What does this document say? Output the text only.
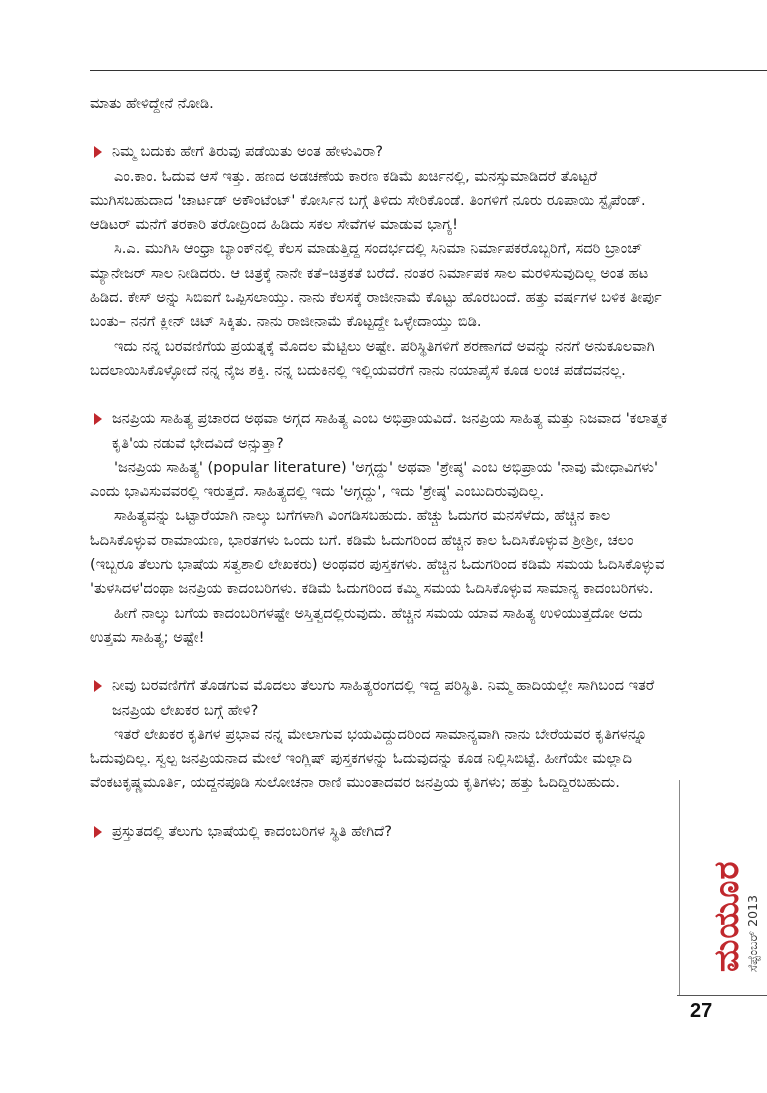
ಮಾತು ಹೇಳಿದ್ದೇನೆ ನೋಡಿ.

ನಿಮ್ಮ ಬದುಕು ಹೇಗೆ ತಿರುವು ಪಡೆಯಿತು ಅಂತ ಹೇಳುವಿರಾ?

ಎಂ.ಕಾಂ. ಓದುವ ಆಸೆ ಇತ್ತು. ಹಣದ ಅಡಚಣೆಯ ಕಾರಣ ಕಡಿಮೆ ಖರ್ಚಿನಲ್ಲಿ, ಮನಸ್ಸುಮಾಡಿದರೆ ತೊಟ್ಟರೆ ಮುಗಿಸಬಹುದಾದ 'ಚಾರ್ಟಡ್ ಅಕೌಂಟೆಂಟ್' ಕೋರ್ಸಿನ ಬಗ್ಗೆ ತಿಳಿದು ಸೇರಿಕೊಂಡೆ. ತಿಂಗಳಿಗೆ ನೂರು ರೂಪಾಯಿ ಸ್ಟೈಪೆಂಡ್. ಆಡಿಟರ್ ಮನೆಗೆ ತರಕಾರಿ ತರೋದ್ರಿಂದ ಹಿಡಿದು ಸಕಲ ಸೇವೆಗಳ ಮಾಡುವ ಭಾಗ್ಯ!

ಸಿ.ಎ. ಮುಗಿಸಿ ಆಂಧ್ರಾ ಬ್ಯಾಂಕ್‌ನಲ್ಲಿ ಕೆಲಸ ಮಾಡುತ್ತಿದ್ದ ಸಂದರ್ಭದಲ್ಲಿ ಸಿನಿಮಾ ನಿರ್ಮಾಪಕರೊಬ್ಬರಿಗೆ, ಸದರಿ ಬ್ರಾಂಚ್ ಮ್ಯಾನೇಜರ್ ಸಾಲ ನೀಡಿದರು. ಆ ಚಿತ್ರಕ್ಕೆ ನಾನೇ ಕತೆ–ಚಿತ್ರಕತೆ ಬರೆದೆ. ನಂತರ ನಿರ್ಮಾಪಕ ಸಾಲ ಮರಳಿಸುವುದಿಲ್ಲ ಅಂತ ಹಟ ಹಿಡಿದ. ಕೇಸ್ ಅನ್ನು ಸಿಬಿಐಗೆ ಒಪ್ಪಿಸಲಾಯ್ತು. ನಾನು ಕೆಲಸಕ್ಕೆ ರಾಜೀನಾಮೆ ಕೊಟ್ಟು ಹೊರಬಂದೆ. ಹತ್ತು ವರ್ಷಗಳ ಬಳಿಕ ತೀರ್ಪು ಬಂತು– ನನಗೆ ಕ್ಲೀನ್ ಚಿಟ್ ಸಿಕ್ಕಿತು. ನಾನು ರಾಜೀನಾಮೆ ಕೊಟ್ಟದ್ದೇ ಒಳ್ಳೇದಾಯ್ತು ಬಿಡಿ.

ಇದು ನನ್ನ ಬರವಣಿಗೆಯ ಪ್ರಯತ್ನಕ್ಕೆ ಮೊದಲ ಮೆಟ್ಟಿಲು ಅಷ್ಟೇ. ಪರಿಸ್ಥಿತಿಗಳಿಗೆ ಶರಣಾಗದೆ ಅವನ್ನು ನನಗೆ ಅನುಕೂಲವಾಗಿ ಬದಲಾಯಿಸಿಕೊಳ್ಳೋದೆ ನನ್ನ ನೈಜ ಶಕ್ತಿ. ನನ್ನ ಬದುಕಿನಲ್ಲಿ ಇಲ್ಲಿಯವರೆಗೆ ನಾನು ನಯಾಪೈಸೆ ಕೂಡ ಲಂಚ ಪಡೆದವನಲ್ಲ.

ಜನಪ್ರಿಯ ಸಾಹಿತ್ಯ ಪ್ರಚಾರದ ಅಥವಾ ಅಗ್ಗದ ಸಾಹಿತ್ಯ ಎಂಬ ಅಭಿಪ್ರಾಯವಿದೆ. ಜನಪ್ರಿಯ ಸಾಹಿತ್ಯ ಮತ್ತು ನಿಜವಾದ 'ಕಲಾತ್ಮಕ ಕೃತಿ'ಯ ನಡುವೆ ಭೇದವಿದೆ ಅನ್ಸುತ್ತಾ?

'ಜನಪ್ರಿಯ ಸಾಹಿತ್ಯ' (popular literature) 'ಅಗ್ಗದ್ದು' ಅಥವಾ 'ಶ್ರೇಷ್ಠ' ಎಂಬ ಅಭಿಪ್ರಾಯ 'ನಾವು ಮೇಧಾವಿಗಳು' ಎಂದು ಭಾವಿಸುವವರಲ್ಲಿ ಇರುತ್ತದೆ. ಸಾಹಿತ್ಯದಲ್ಲಿ ಇದು 'ಅಗ್ಗದ್ದು', ಇದು 'ಶ್ರೇಷ್ಠ' ಎಂಬುದಿರುವುದಿಲ್ಲ.

ಸಾಹಿತ್ಯವನ್ನು ಒಟ್ಟಾರೆಯಾಗಿ ನಾಲ್ಕು ಬಗೆಗಳಾಗಿ ವಿಂಗಡಿಸಬಹುದು. ಹೆಚ್ಚು ಓದುಗರ ಮನಸೆಳೆದು, ಹೆಚ್ಚಿನ ಕಾಲ ಓದಿಸಿಕೊಳ್ಳುವ ರಾಮಾಯಣ, ಭಾರತಗಳು ಒಂದು ಬಗೆ. ಕಡಿಮೆ ಓದುಗರಿಂದ ಹೆಚ್ಚಿನ ಕಾಲ ಓದಿಸಿಕೊಳ್ಳುವ ಶ್ರೀಶ್ರೀ, ಚಲಂ (ಇಬ್ಬರೂ ತೆಲುಗು ಭಾಷೆಯ ಸತ್ವಶಾಲಿ ಲೇಖಕರು) ಅಂಥವರ ಪುಸ್ತಕಗಳು. ಹೆಚ್ಚಿನ ಓದುಗರಿಂದ ಕಡಿಮೆ ಸಮಯ ಓದಿಸಿಕೊಳ್ಳುವ 'ತುಳಸಿದಳ'ದಂಥಾ ಜನಪ್ರಿಯ ಕಾದಂಬರಿಗಳು. ಕಡಿಮೆ ಓದುಗರಿಂದ ಕಮ್ಮಿ ಸಮಯ ಓದಿಸಿಕೊಳ್ಳುವ ಸಾಮಾನ್ಯ ಕಾದಂಬರಿಗಳು.

ಹೀಗೆ ನಾಲ್ಕು ಬಗೆಯ ಕಾದಂಬರಿಗಳಷ್ಟೇ ಅಸ್ತಿತ್ವದಲ್ಲಿರುವುದು. ಹೆಚ್ಚಿನ ಸಮಯ ಯಾವ ಸಾಹಿತ್ಯ ಉಳಿಯುತ್ತದೋ ಅದು ಉತ್ತಮ ಸಾಹಿತ್ಯ; ಅಷ್ಟೇ!

ನೀವು ಬರವಣಿಗೆಗೆ ತೊಡಗುವ ಮೊದಲು ತೆಲುಗು ಸಾಹಿತ್ಯರಂಗದಲ್ಲಿ ಇದ್ದ ಪರಿಸ್ಥಿತಿ. ನಿಮ್ಮ ಹಾದಿಯಲ್ಲೇ ಸಾಗಿಬಂದ ಇತರೆ ಜನಪ್ರಿಯ ಲೇಖಕರ ಬಗ್ಗೆ ಹೇಳಿ?

ಇತರೆ ಲೇಖಕರ ಕೃತಿಗಳ ಪ್ರಭಾವ ನನ್ನ ಮೇಲಾಗುವ ಭಯವಿದ್ದುದರಿಂದ ಸಾಮಾನ್ಯವಾಗಿ ನಾನು ಬೇರೆಯವರ ಕೃತಿಗಳನ್ನೂ ಓದುವುದಿಲ್ಲ. ಸ್ವಲ್ಪ ಜನಪ್ರಿಯನಾದ ಮೇಲೆ ಇಂಗ್ಲಿಷ್ ಪುಸ್ತಕಗಳನ್ನು ಓದುವುದನ್ನು ಕೂಡ ನಿಲ್ಲಿಸಿಬಿಟ್ಟೆ. ಹೀಗೆಯೇ ಮಲ್ಲಾದಿ ವೆಂಕಟಕೃಷ್ಣಮೂರ್ತಿ, ಯದ್ದನಪೂಡಿ ಸುಲೋಚನಾ ರಾಣಿ ಮುಂತಾದವರ ಜನಪ್ರಿಯ ಕೃತಿಗಳು; ಹತ್ತು ಓದಿದ್ದಿರಬಹುದು.

ಪ್ರಸ್ತುತದಲ್ಲಿ ತೆಲುಗು ಭಾಷೆಯಲ್ಲಿ ಕಾದಂಬರಿಗಳ ಸ್ಥಿತಿ ಹೇಗಿದೆ?

ಮಯೂರ
ಸೆಪ್ಟೆಂಬರ್ 2013
27
